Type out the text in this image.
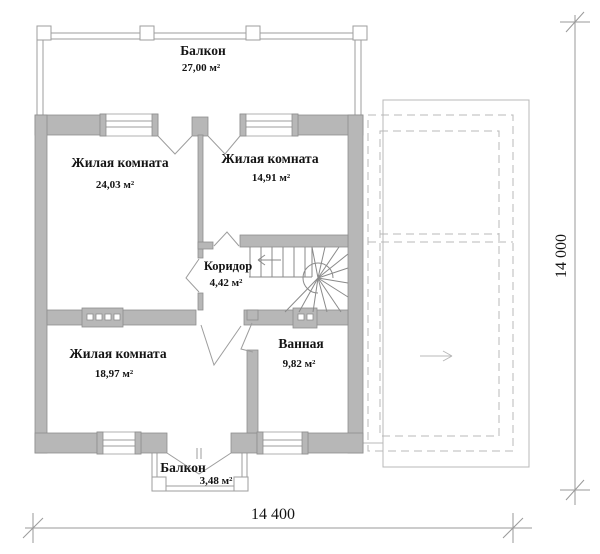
Балкон
27,00 м²
Жилая комната
24,03 м²
Жилая комната
14,91 м²
Коридор
4,42 м²
Жилая комната
18,97 м²
Ванная
9,82 м²
Балкон
3,48 м²
14 400
14 000
